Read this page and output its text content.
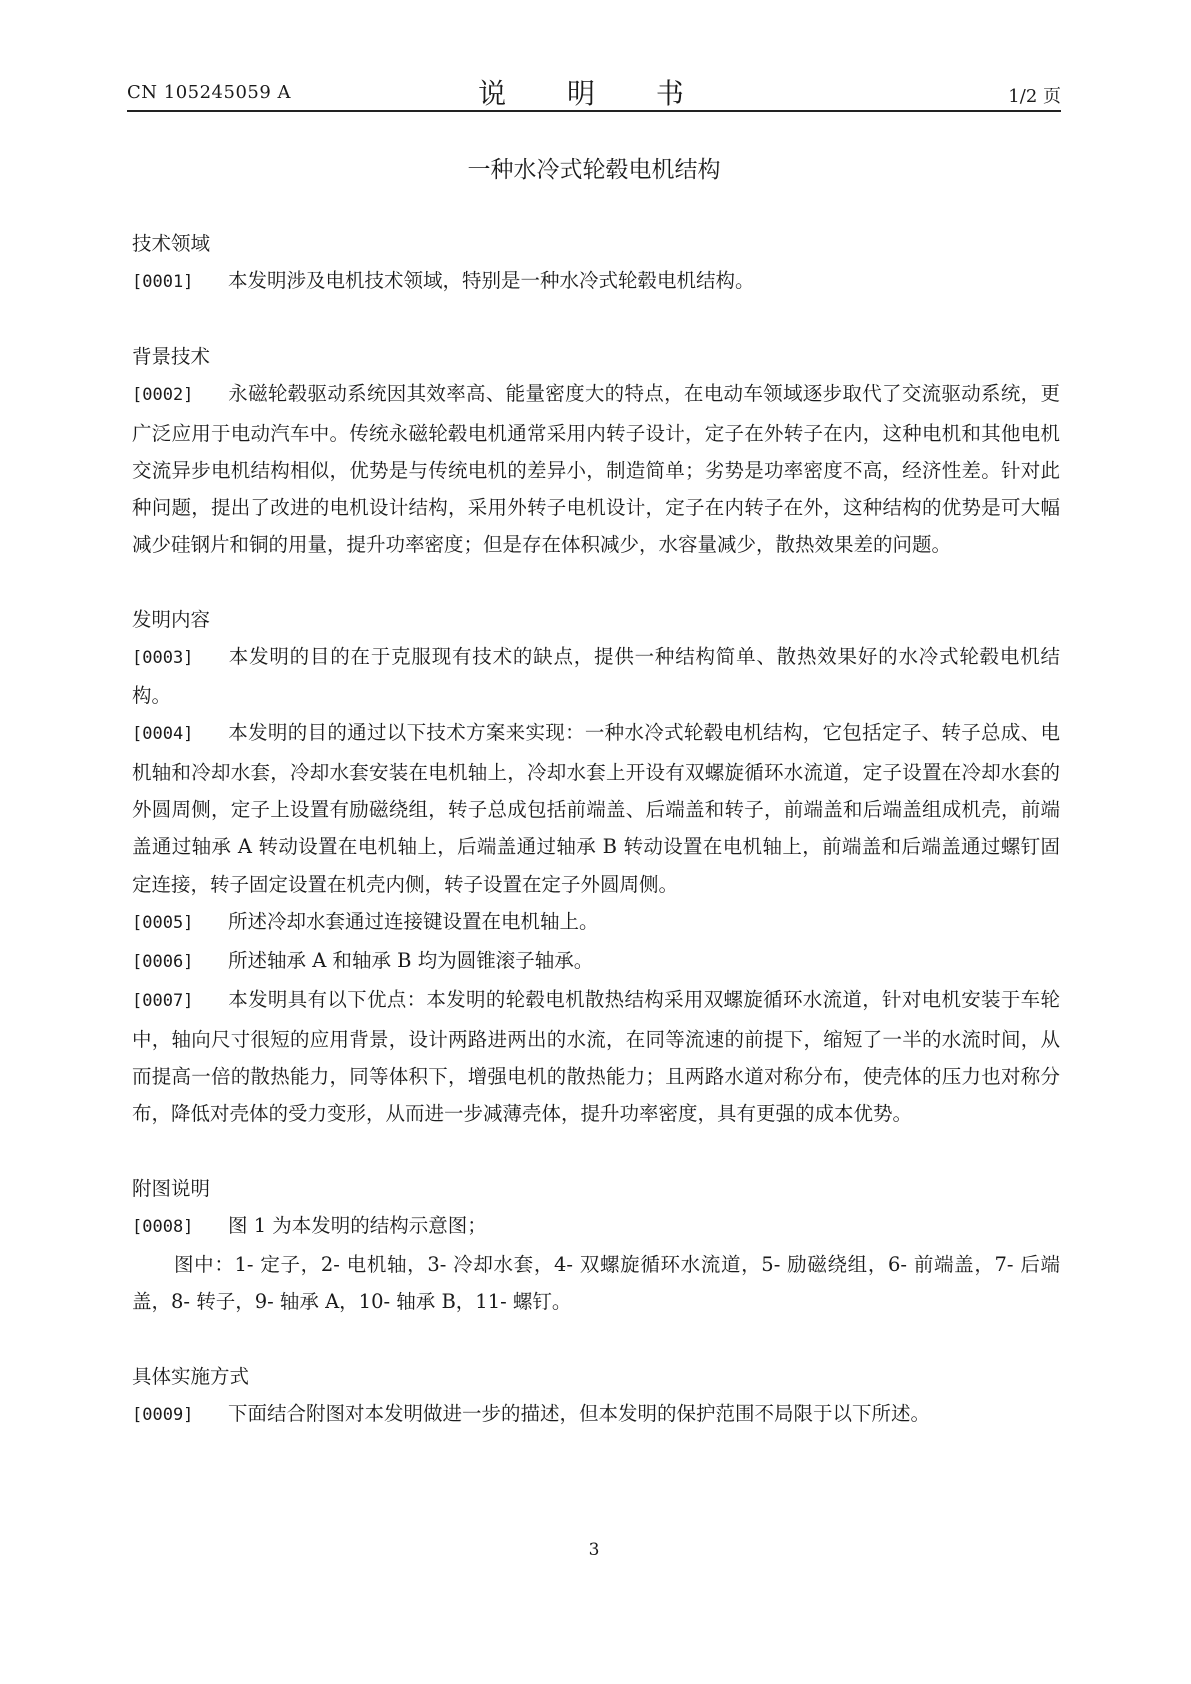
CN 105245059 A	说 明 书	1/2 页
一种水冷式轮毂电机结构
技术领域
[0001] 本发明涉及电机技术领域，特别是一种水冷式轮毂电机结构。
背景技术
[0002] 永磁轮毂驱动系统因其效率高、能量密度大的特点，在电动车领域逐步取代了交流驱动系统，更广泛应用于电动汽车中。传统永磁轮毂电机通常采用内转子设计，定子在外转子在内，这种电机和其他电机交流异步电机结构相似，优势是与传统电机的差异小，制造简单；劣势是功率密度不高，经济性差。针对此种问题，提出了改进的电机设计结构，采用外转子电机设计，定子在内转子在外，这种结构的优势是可大幅减少硅钢片和铜的用量，提升功率密度；但是存在体积减少，水容量减少，散热效果差的问题。
发明内容
[0003] 本发明的目的在于克服现有技术的缺点，提供一种结构简单、散热效果好的水冷式轮毂电机结构。
[0004] 本发明的目的通过以下技术方案来实现：一种水冷式轮毂电机结构，它包括定子、转子总成、电机轴和冷却水套，冷却水套安装在电机轴上，冷却水套上开设有双螺旋循环水流道，定子设置在冷却水套的外圆周侧，定子上设置有励磁绕组，转子总成包括前端盖、后端盖和转子，前端盖和后端盖组成机壳，前端盖通过轴承 A 转动设置在电机轴上，后端盖通过轴承 B 转动设置在电机轴上，前端盖和后端盖通过螺钉固定连接，转子固定设置在机壳内侧，转子设置在定子外圆周侧。
[0005] 所述冷却水套通过连接键设置在电机轴上。
[0006] 所述轴承 A 和轴承 B 均为圆锥滚子轴承。
[0007] 本发明具有以下优点：本发明的轮毂电机散热结构采用双螺旋循环水流道，针对电机安装于车轮中，轴向尺寸很短的应用背景，设计两路进两出的水流，在同等流速的前提下，缩短了一半的水流时间，从而提高一倍的散热能力，同等体积下，增强电机的散热能力；且两路水道对称分布，使壳体的压力也对称分布，降低对壳体的受力变形，从而进一步减薄壳体，提升功率密度，具有更强的成本优势。
附图说明
[0008] 图 1 为本发明的结构示意图；
图中：1- 定子，2- 电机轴，3- 冷却水套，4- 双螺旋循环水流道，5- 励磁绕组，6- 前端盖，7- 后端盖，8- 转子，9- 轴承 A，10- 轴承 B，11- 螺钉。
具体实施方式
[0009] 下面结合附图对本发明做进一步的描述，但本发明的保护范围不局限于以下所述。
3
